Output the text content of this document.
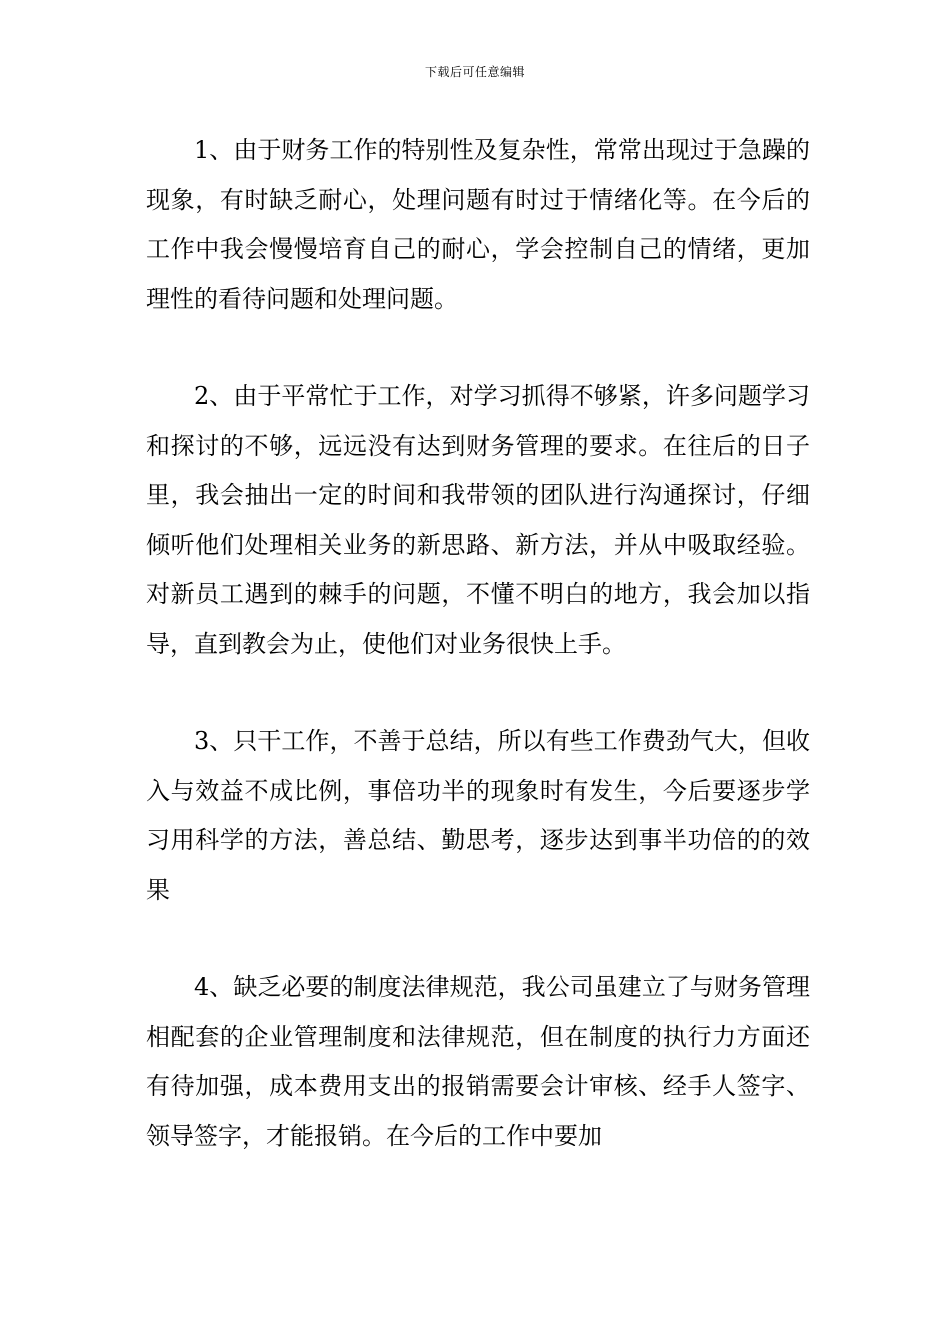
下载后可任意编辑

1、由于财务工作的特别性及复杂性，常常出现过于急躁的现象，有时缺乏耐心，处理问题有时过于情绪化等。在今后的工作中我会慢慢培育自己的耐心，学会控制自己的情绪，更加理性的看待问题和处理问题。

2、由于平常忙于工作，对学习抓得不够紧，许多问题学习和探讨的不够，远远没有达到财务管理的要求。在往后的日子里，我会抽出一定的时间和我带领的团队进行沟通探讨，仔细倾听他们处理相关业务的新思路、新方法，并从中吸取经验。对新员工遇到的棘手的问题，不懂不明白的地方，我会加以指导，直到教会为止，使他们对业务很快上手。

3、只干工作，不善于总结，所以有些工作费劲气大，但收入与效益不成比例，事倍功半的现象时有发生，今后要逐步学习用科学的方法，善总结、勤思考，逐步达到事半功倍的的效果

4、缺乏必要的制度法律规范，我公司虽建立了与财务管理相配套的企业管理制度和法律规范，但在制度的执行力方面还有待加强，成本费用支出的报销需要会计审核、经手人签字、领导签字，才能报销。在今后的工作中要加
